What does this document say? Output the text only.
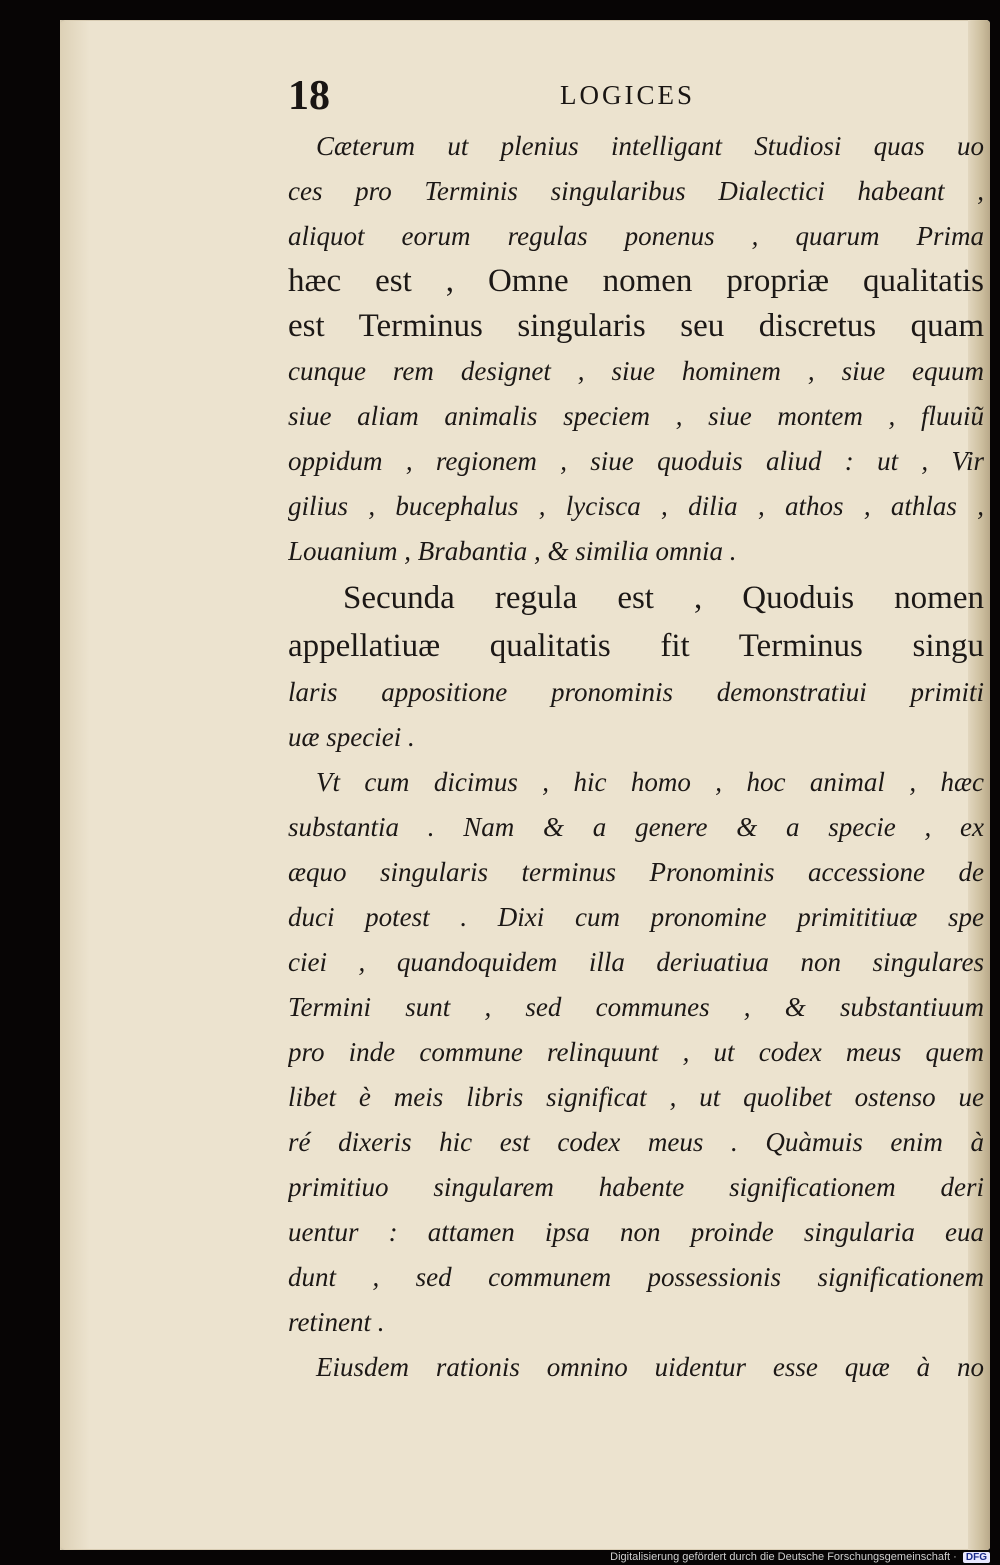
18	LOGICES
Cæterum ut plenius intelligant Studiosi quas uo
ces pro Terminis singularibus Dialectici habeant ,
aliquot eorum regulas ponenus , quarum Prima
hæc est , Omne nomen propriæ qualitatis
est Terminus singularis seu discretus quam
cunque rem designet , siue hominem , siue equum
siue aliam animalis speciem , siue montem , fluuiũ
oppidum , regionem , siue quoduis aliud : ut , Vir
gilius , bucephalus , lycisca , dilia , athos , athlas ,
Louanium , Brabantia , & similia omnia .
Secunda regula est , Quoduis nomen
appellatiuæ qualitatis fit Terminus singu
laris appositione pronominis demonstratiui primiti
uæ speciei .
Vt cum dicimus , hic homo , hoc animal , hæc
substantia . Nam & a genere & a specie , ex
æquo singularis terminus Pronominis accessione de
duci potest . Dixi cum pronomine primititiuæ spe
ciei , quandoquidem illa deriuatiua non singulares
Termini sunt , sed communes , & substantiuum
pro inde commune relinquunt , ut codex meus quem
libet è meis libris significat , ut quolibet ostenso ue
ré dixeris hic est codex meus . Quàmuis enim à
primitiuo singularem habente significationem deri
uentur : attamen ipsa non proinde singularia eua
dunt , sed communem possessionis significationem
retinent .
Eiusdem rationis omnino uidentur esse quæ à no
Digitalisierung gefördert durch die Deutsche Forschungsgemeinschaft · DFG
